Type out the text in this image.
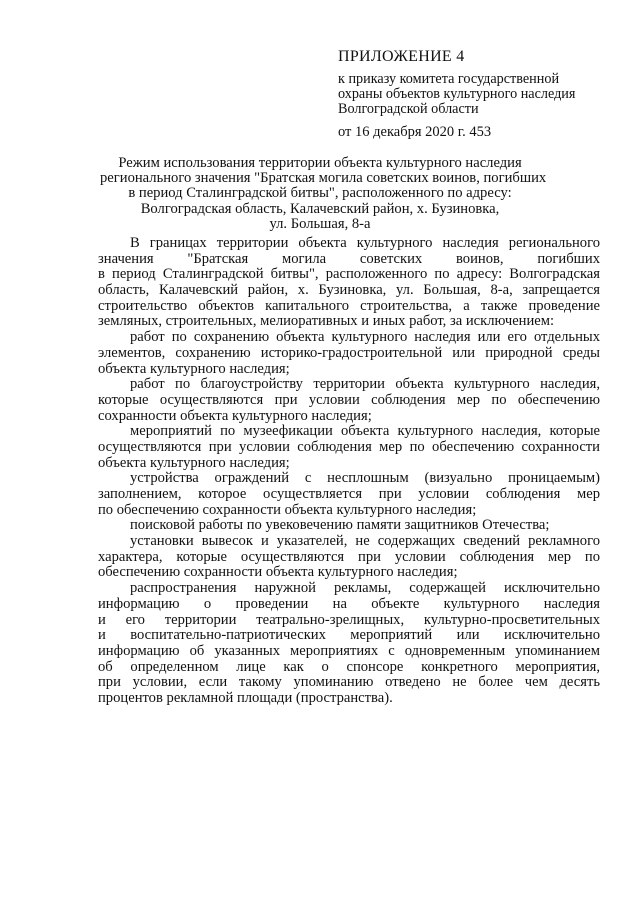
ПРИЛОЖЕНИЕ 4
к приказу комитета государственной
охраны объектов культурного наследия
Волгоградской области
от 16 декабря 2020 г. 453
Режим использования территории объекта культурного наследия
регионального значения "Братская могила советских воинов, погибших
в период Сталинградской битвы", расположенного по адресу:
Волгоградская область, Калачевский район, х. Бузиновка,
ул. Большая, 8-а
В границах территории объекта культурного наследия регионального
значения "Братская могила советских воинов, погибших
в период Сталинградской битвы", расположенного по адресу: Волгоградская
область, Калачевский район, х. Бузиновка, ул. Большая, 8-а, запрещается
строительство объектов капитального строительства, а также проведение
земляных, строительных, мелиоративных и иных работ, за исключением:
работ по сохранению объекта культурного наследия или его отдельных
элементов, сохранению историко-градостроительной или природной среды
объекта культурного наследия;
работ по благоустройству территории объекта культурного наследия,
которые осуществляются при условии соблюдения мер по обеспечению
сохранности объекта культурного наследия;
мероприятий по музеефикации объекта культурного наследия, которые
осуществляются при условии соблюдения мер по обеспечению сохранности
объекта культурного наследия;
устройства ограждений с несплошным (визуально проницаемым)
заполнением, которое осуществляется при условии соблюдения мер
по обеспечению сохранности объекта культурного наследия;
поисковой работы по увековечению памяти защитников Отечества;
установки вывесок и указателей, не содержащих сведений рекламного
характера, которые осуществляются при условии соблюдения мер по
обеспечению сохранности объекта культурного наследия;
распространения наружной рекламы, содержащей исключительно
информацию о проведении на объекте культурного наследия
и его территории театрально-зрелищных, культурно-просветительных
и воспитательно-патриотических мероприятий или исключительно
информацию об указанных мероприятиях с одновременным упоминанием
об определенном лице как о спонсоре конкретного мероприятия,
при условии, если такому упоминанию отведено не более чем десять
процентов рекламной площади (пространства).
